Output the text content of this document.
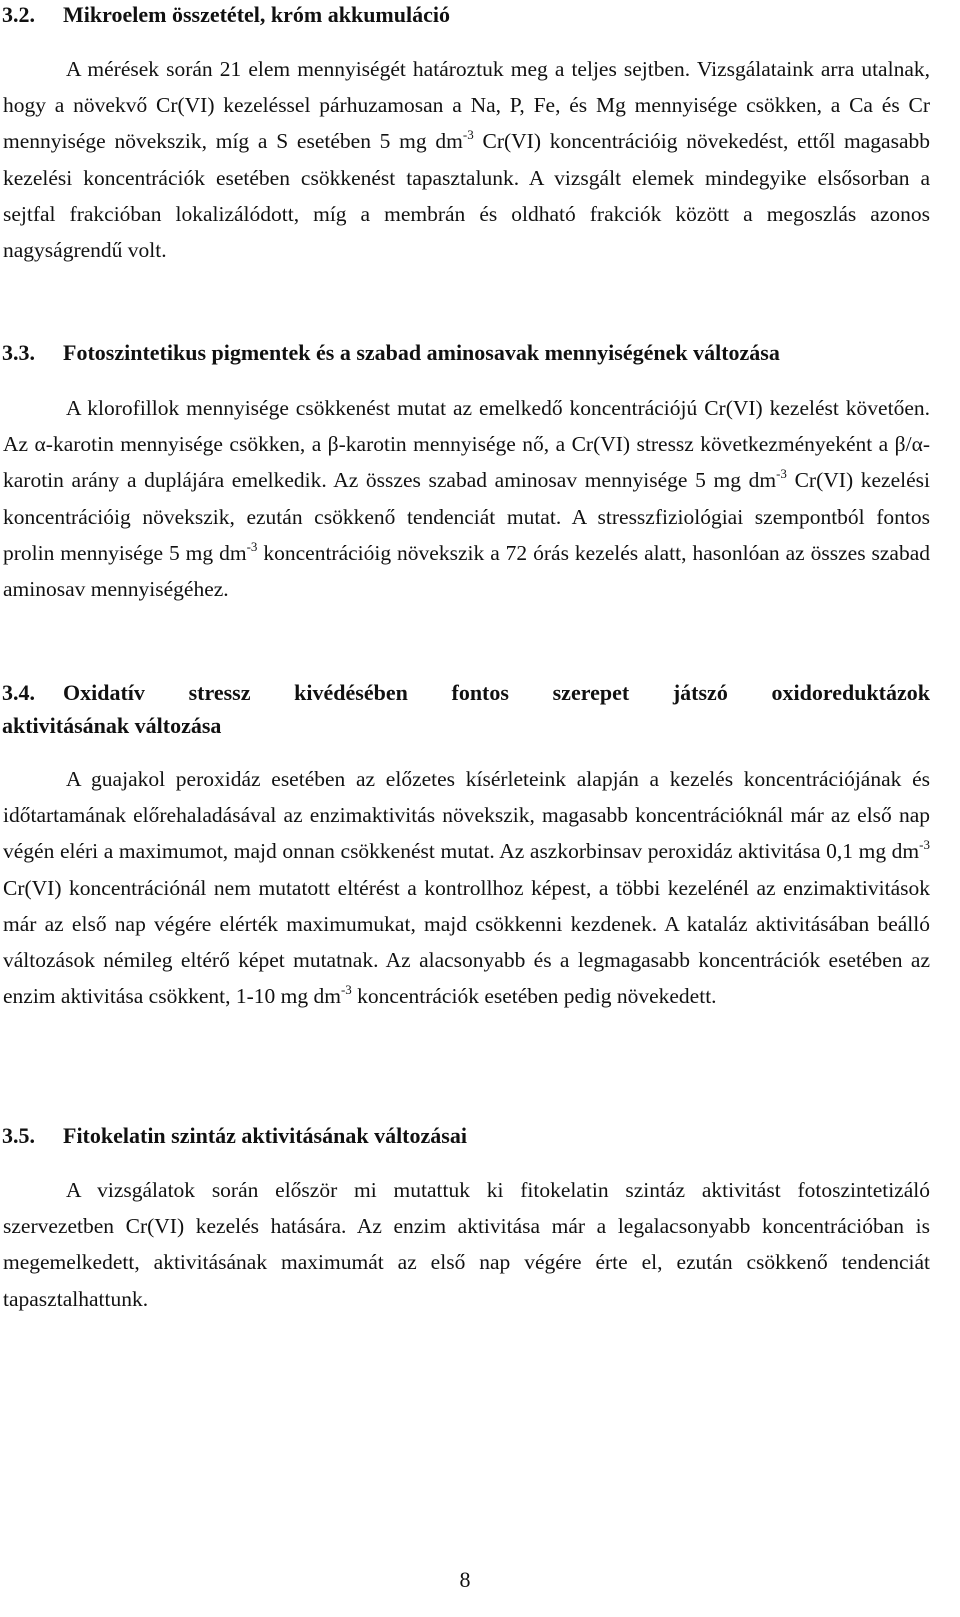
3.2. Mikroelem összetétel, króm akkumuláció

A mérések során 21 elem mennyiségét határoztuk meg a teljes sejtben. Vizsgálataink arra utalnak, hogy a növekvő Cr(VI) kezeléssel párhuzamosan a Na, P, Fe, és Mg mennyisége csökken, a Ca és Cr mennyisége növekszik, míg a S esetében 5 mg $dm^{-3}$ Cr(VI) koncentrációig növekedést, ettől magasabb kezelési koncentrációk esetében csökkenést tapasztalunk. A vizsgált elemek mindegyike elsősorban a sejtfal frakcióban lokalizálódott, míg a membrán és oldható frakciók között a megoszlás azonos nagyságrendű volt.

3.3. Fotoszintetikus pigmentek és a szabad aminosavak mennyiségének változása

A klorofillok mennyisége csökkenést mutat az emelkedő koncentrációjú Cr(VI) kezelést követően. Az α-karotin mennyisége csökken, a β-karotin mennyisége nő, a Cr(VI) stressz következményeként a β/α-karotin arány a duplájára emelkedik. Az összes szabad aminosav mennyisége 5 mg $dm^{-3}$ Cr(VI) kezelési koncentrációig növekszik, ezután csökkenő tendenciát mutat. A stresszfiziológiai szempontból fontos prolin mennyisége 5 mg $dm^{-3}$ koncentrációig növekszik a 72 órás kezelés alatt, hasonlóan az összes szabad aminosav mennyiségéhez.

3.4. Oxidatív stressz kivédésében fontos szerepet játszó oxidoreduktázok
aktivitásának változása

A guajakol peroxidáz esetében az előzetes kísérleteink alapján a kezelés koncentrációjának és időtartamának előrehaladásával az enzimaktivitás növekszik, magasabb koncentrációknál már az első nap végén eléri a maximumot, majd onnan csökkenést mutat. Az aszkorbinsav peroxidáz aktivitása 0,1 mg $dm^{-3}$ Cr(VI) koncentrációnál nem mutatott eltérést a kontrollhoz képest, a többi kezelénél az enzimaktivitások már az első nap végére elérték maximumukat, majd csökkenni kezdenek. A kataláz aktivitásában beálló változások némileg eltérő képet mutatnak. Az alacsonyabb és a legmagasabb koncentrációk esetében az enzim aktivitása csökkent, 1-10 mg $dm^{-3}$ koncentrációk esetében pedig növekedett.

3.5. Fitokelatin szintáz aktivitásának változásai

A vizsgálatok során először mi mutattuk ki fitokelatin szintáz aktivitást fotoszintetizáló szervezetben Cr(VI) kezelés hatására. Az enzim aktivitása már a legalacsonyabb koncentrációban is megemelkedett, aktivitásának maximumát az első nap végére érte el, ezután csökkenő tendenciát tapasztalhattunk.

8
